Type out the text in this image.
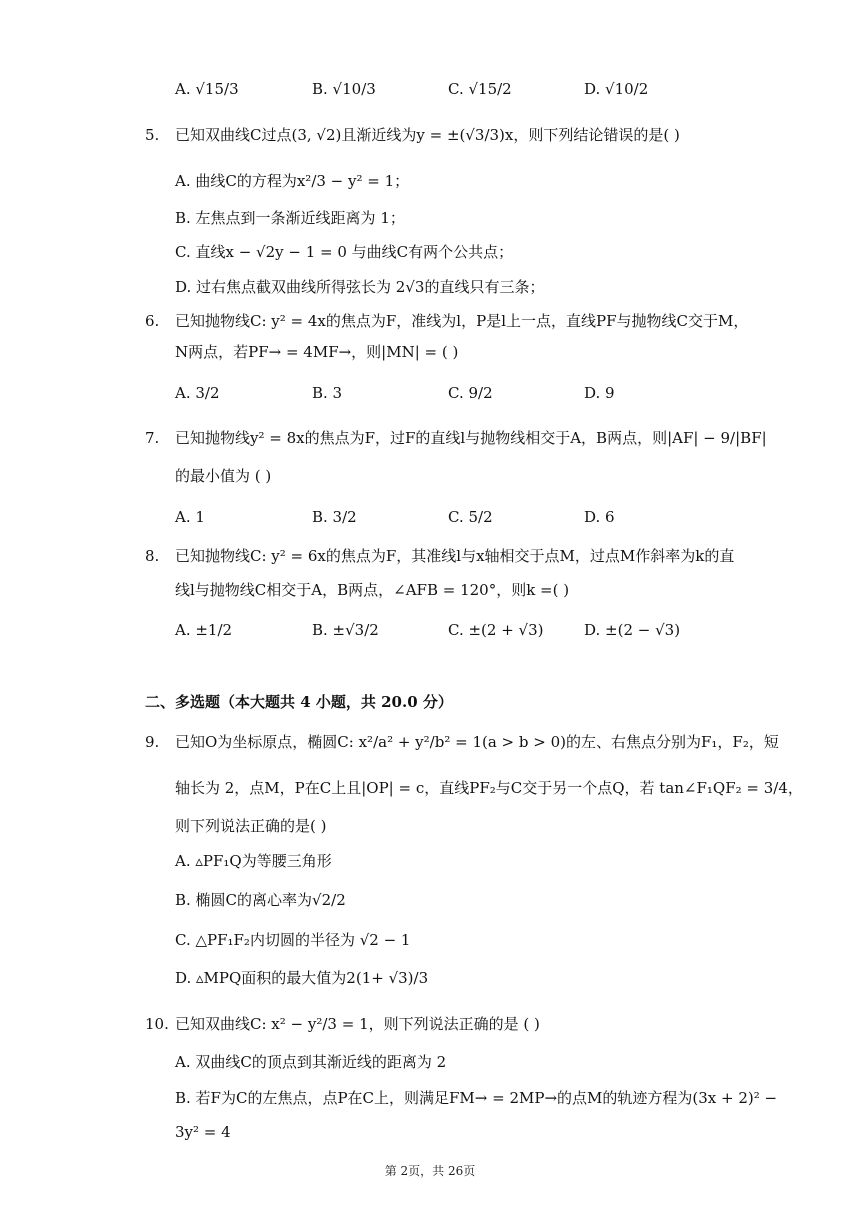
A. √15/3	B. √10/3	C. √15/2	D. √10/2
5. 已知双曲线C过点(3, √2)且渐近线为y = ±(√3/3)x，则下列结论错误的是( )
A. 曲线C的方程为x²/3 − y² = 1；
B. 左焦点到一条渐近线距离为 1；
C. 直线x − √2y − 1 = 0 与曲线C有两个公共点；
D. 过右焦点截双曲线所得弦长为 2√3的直线只有三条；
6. 已知抛物线C: y² = 4x的焦点为F，准线为l，P是l上一点，直线PF与抛物线C交于M，
N两点，若PF→ = 4MF→，则|MN| = ( )
A. 3/2	B. 3	C. 9/2	D. 9
7. 已知抛物线y² = 8x的焦点为F，过F的直线l与抛物线相交于A，B两点，则|AF| − 9/|BF|
的最小值为 ( )
A. 1	B. 3/2	C. 5/2	D. 6
8. 已知抛物线C: y² = 6x的焦点为F，其准线l与x轴相交于点M，过点M作斜率为k的直
线l与抛物线C相交于A，B两点，∠AFB = 120°，则k =( )
A. ±1/2	B. ±√3/2	C. ±(2 + √3)	D. ±(2 − √3)
二、多选题（本大题共 4 小题，共 20.0 分）
9. 已知O为坐标原点，椭圆C: x²/a² + y²/b² = 1(a > b > 0)的左、右焦点分别为F₁，F₂，短
轴长为 2，点M，P在C上且|OP| = c，直线PF₂与C交于另一个点Q，若 tan∠F₁QF₂ = 3/4，
则下列说法正确的是( )
A. ▵PF₁Q为等腰三角形
B. 椭圆C的离心率为√2/2
C. △PF₁F₂内切圆的半径为 √2 − 1
D. ▵MPQ面积的最大值为2(1+ √3)/3
10. 已知双曲线C: x² − y²/3 = 1，则下列说法正确的是 ( )
A. 双曲线C的顶点到其渐近线的距离为 2
B. 若F为C的左焦点，点P在C上，则满足FM→ = 2MP→的点M的轨迹方程为(3x + 2)² −
3y² = 4
第 2页，共 26页
